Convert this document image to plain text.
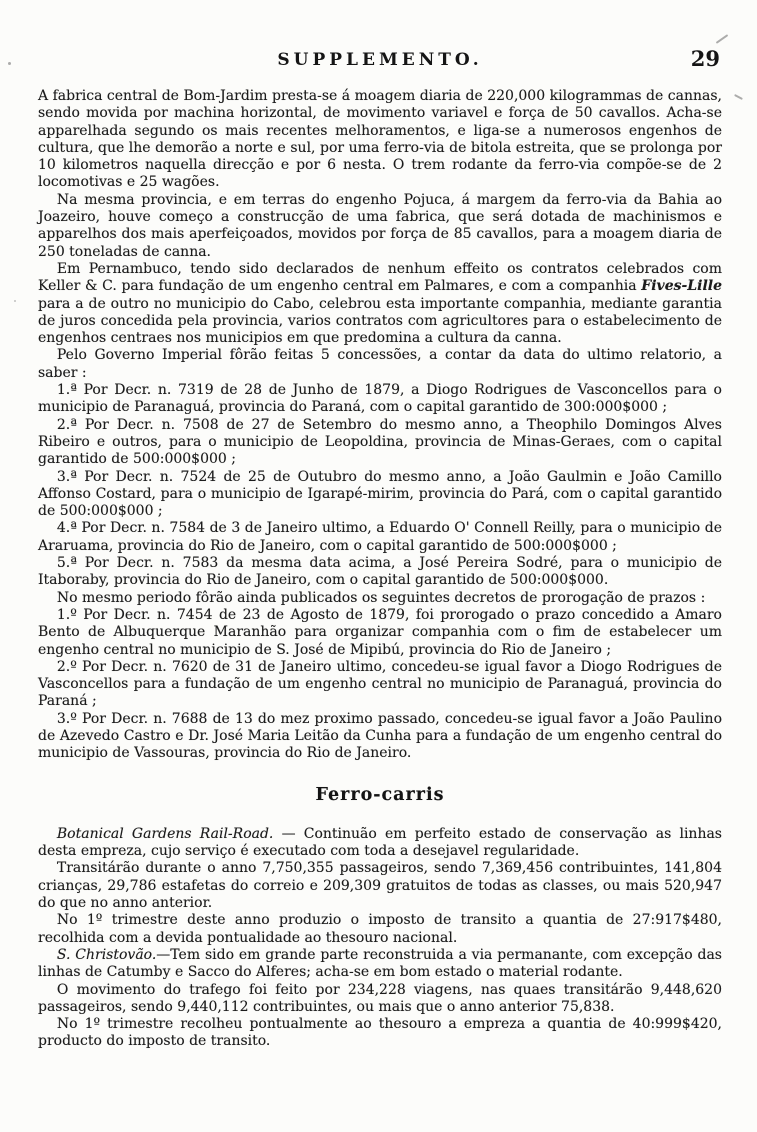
SUPPLEMENTO.	29

A fabrica central de Bom-Jardim presta-se á moagem diaria de 220,000 kilogrammas de cannas, sendo movida por machina horizontal, de movimento variavel e força de 50 cavallos. Acha-se apparelhada segundo os mais recentes melhoramentos, e liga-se a numerosos engenhos de cultura, que lhe demorão a norte e sul, por uma ferro-via de bitola estreita, que se prolonga por 10 kilometros naquella direcção e por 6 nesta. O trem rodante da ferro-via compõe-se de 2 locomotivas e 25 wagões.

Na mesma provincia, e em terras do engenho Pojuca, á margem da ferro-via da Bahia ao Joazeiro, houve começo a construcção de uma fabrica, que será dotada de machinismos e apparelhos dos mais aperfeiçoados, movidos por força de 85 cavallos, para a moagem diaria de 250 toneladas de canna.

Em Pernambuco, tendo sido declarados de nenhum effeito os contratos celebrados com Keller & C. para fundação de um engenho central em Palmares, e com a companhia Fives-Lille para a de outro no municipio do Cabo, celebrou esta importante companhia, mediante garantia de juros concedida pela provincia, varios contratos com agricultores para o estabelecimento de engenhos centraes nos municipios em que predomina a cultura da canna.

Pelo Governo Imperial fôrão feitas 5 concessões, a contar da data do ultimo relatorio, a saber :

1.ª Por Decr. n. 7319 de 28 de Junho de 1879, a Diogo Rodrigues de Vasconcellos para o municipio de Paranaguá, provincia do Paraná, com o capital garantido de 300:000$000 ;

2.ª Por Decr. n. 7508 de 27 de Setembro do mesmo anno, a Theophilo Domingos Alves Ribeiro e outros, para o municipio de Leopoldina, provincia de Minas-Geraes, com o capital garantido de 500:000$000 ;

3.ª Por Decr. n. 7524 de 25 de Outubro do mesmo anno, a João Gaulmin e João Camillo Affonso Costard, para o municipio de Igarapé-mirim, provincia do Pará, com o capital garantido de 500:000$000 ;

4.ª Por Decr. n. 7584 de 3 de Janeiro ultimo, a Eduardo O' Connell Reilly, para o municipio de Araruama, provincia do Rio de Janeiro, com o capital garantido de 500:000$000 ;

5.ª Por Decr. n. 7583 da mesma data acima, a José Pereira Sodré, para o municipio de Itaboraby, provincia do Rio de Janeiro, com o capital garantido de 500:000$000.

No mesmo periodo fôrão ainda publicados os seguintes decretos de prorogação de prazos :

1.º Por Decr. n. 7454 de 23 de Agosto de 1879, foi prorogado o prazo concedido a Amaro Bento de Albuquerque Maranhão para organizar companhia com o fim de estabelecer um engenho central no municipio de S. José de Mipibú, provincia do Rio de Janeiro ;

2.º Por Decr. n. 7620 de 31 de Janeiro ultimo, concedeu-se igual favor a Diogo Rodrigues de Vasconcellos para a fundação de um engenho central no municipio de Paranaguá, provincia do Paraná ;

3.º Por Decr. n. 7688 de 13 do mez proximo passado, concedeu-se igual favor a João Paulino de Azevedo Castro e Dr. José Maria Leitão da Cunha para a fundação de um engenho central do municipio de Vassouras, provincia do Rio de Janeiro.

Ferro-carris

Botanical Gardens Rail-Road. — Continuão em perfeito estado de conservação as linhas desta empreza, cujo serviço é executado com toda a desejavel regularidade.

Transitárão durante o anno 7,750,355 passageiros, sendo 7,369,456 contribuintes, 141,804 crianças, 29,786 estafetas do correio e 209,309 gratuitos de todas as classes, ou mais 520,947 do que no anno anterior.

No 1º trimestre deste anno produzio o imposto de transito a quantia de 27:917$480, recolhida com a devida pontualidade ao thesouro nacional.

S. Christovão.—Tem sido em grande parte reconstruida a via permanante, com excepção das linhas de Catumby e Sacco do Alferes; acha-se em bom estado o material rodante.

O movimento do trafego foi feito por 234,228 viagens, nas quaes transitárão 9,448,620 passageiros, sendo 9,440,112 contribuintes, ou mais que o anno anterior 75,838.

No 1º trimestre recolheu pontualmente ao thesouro a empreza a quantia de 40:999$420, producto do imposto de transito.
